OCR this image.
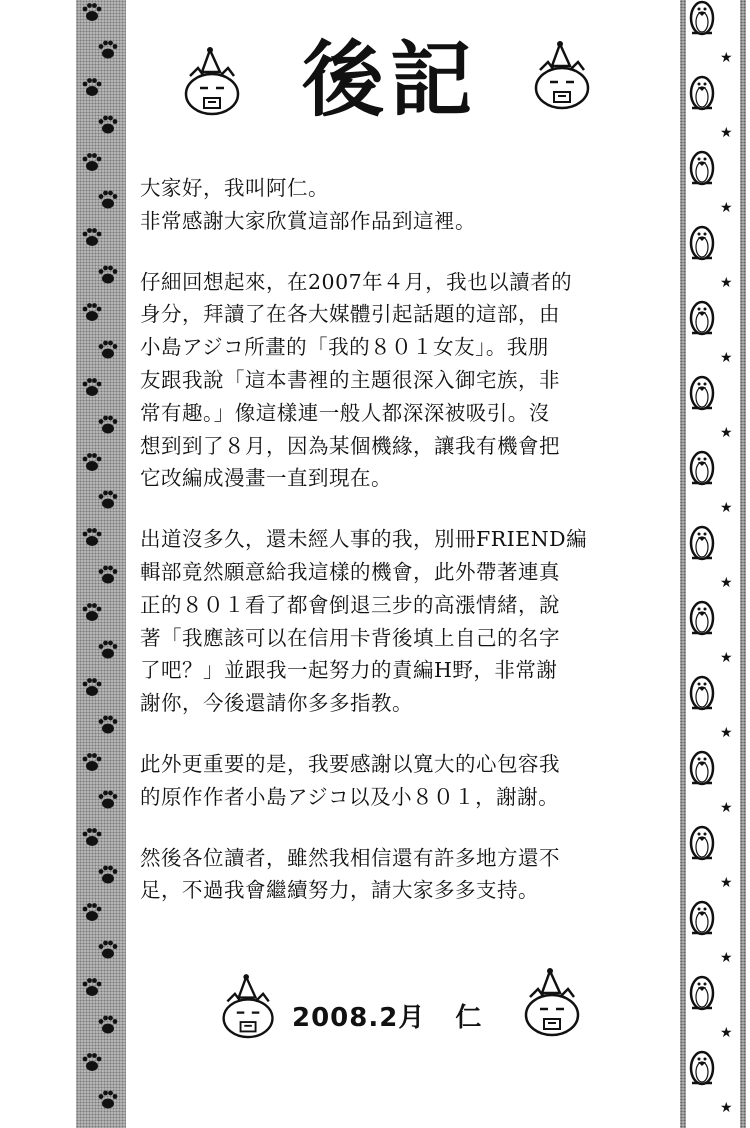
★
★
★
★
★
★
★
★
★
★
★
★
★
★
★
後記
大家好，我叫阿仁。
非常感謝大家欣賞這部作品到這裡。
仔細回想起來，在2007年４月，我也以讀者的
身分，拜讀了在各大媒體引起話題的這部，由
小島アジコ所畫的「我的８０１女友」。我朋
友跟我說「這本書裡的主題很深入御宅族，非
常有趣。」像這樣連一般人都深深被吸引。沒
想到到了８月，因為某個機緣，讓我有機會把
它改編成漫畫一直到現在。
出道沒多久，還未經人事的我，別冊FRIEND編
輯部竟然願意給我這樣的機會，此外帶著連真
正的８０１看了都會倒退三步的高漲情緒，說
著「我應該可以在信用卡背後填上自己的名字
了吧？」並跟我一起努力的責編H野，非常謝
謝你，今後還請你多多指教。
此外更重要的是，我要感謝以寬大的心包容我
的原作作者小島アジコ以及小８０１，謝謝。
然後各位讀者，雖然我相信還有許多地方還不
足，不過我會繼續努力，請大家多多支持。
2008.2月 仁
